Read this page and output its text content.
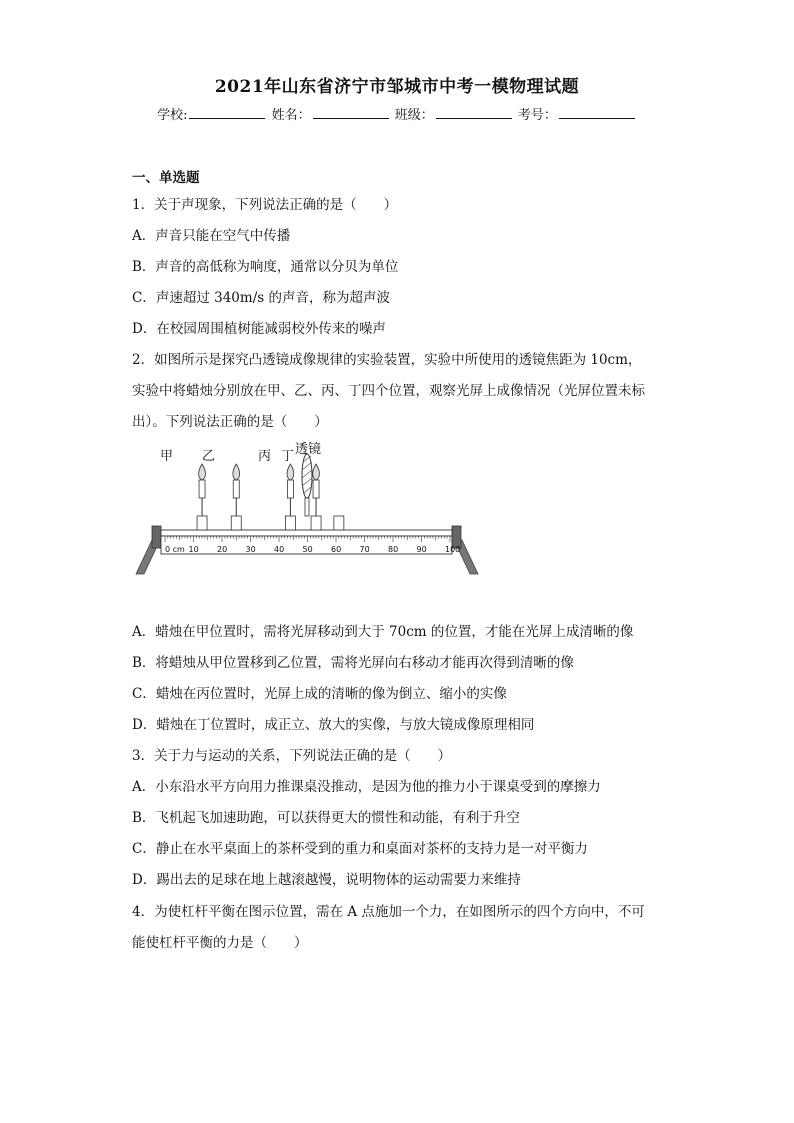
2021年山东省济宁市邹城市中考一模物理试题
学校:	姓名：	班级：	考号：
一、单选题
1．关于声现象，下列说法正确的是（　　）
A．声音只能在空气中传播
B．声音的高低称为响度，通常以分贝为单位
C．声速超过 340m/s 的声音，称为超声波
D．在校园周围植树能减弱校外传来的噪声
2．如图所示是探究凸透镜成像规律的实验装置，实验中所使用的透镜焦距为 10cm，
实验中将蜡烛分别放在甲、乙、丙、丁四个位置，观察光屏上成像情况（光屏位置未标
出）。下列说法正确的是（　　）
0 cm 10 20 30 40 50 60 70 80 90 100
甲 乙	丙 丁 透镜
A．蜡烛在甲位置时，需将光屏移动到大于 70cm 的位置，才能在光屏上成清晰的像
B．将蜡烛从甲位置移到乙位置，需将光屏向右移动才能再次得到清晰的像
C．蜡烛在丙位置时，光屏上成的清晰的像为倒立、缩小的实像
D．蜡烛在丁位置时，成正立、放大的实像，与放大镜成像原理相同
3．关于力与运动的关系，下列说法正确的是（　　）
A．小东沿水平方向用力推课桌没推动，是因为他的推力小于课桌受到的摩擦力
B．飞机起飞加速助跑，可以获得更大的惯性和动能，有利于升空
C．静止在水平桌面上的茶杯受到的重力和桌面对茶杯的支持力是一对平衡力
D．踢出去的足球在地上越滚越慢，说明物体的运动需要力来维持
4．为使杠杆平衡在图示位置，需在 A 点施加一个力，在如图所示的四个方向中，不可
能使杠杆平衡的力是（　　）
